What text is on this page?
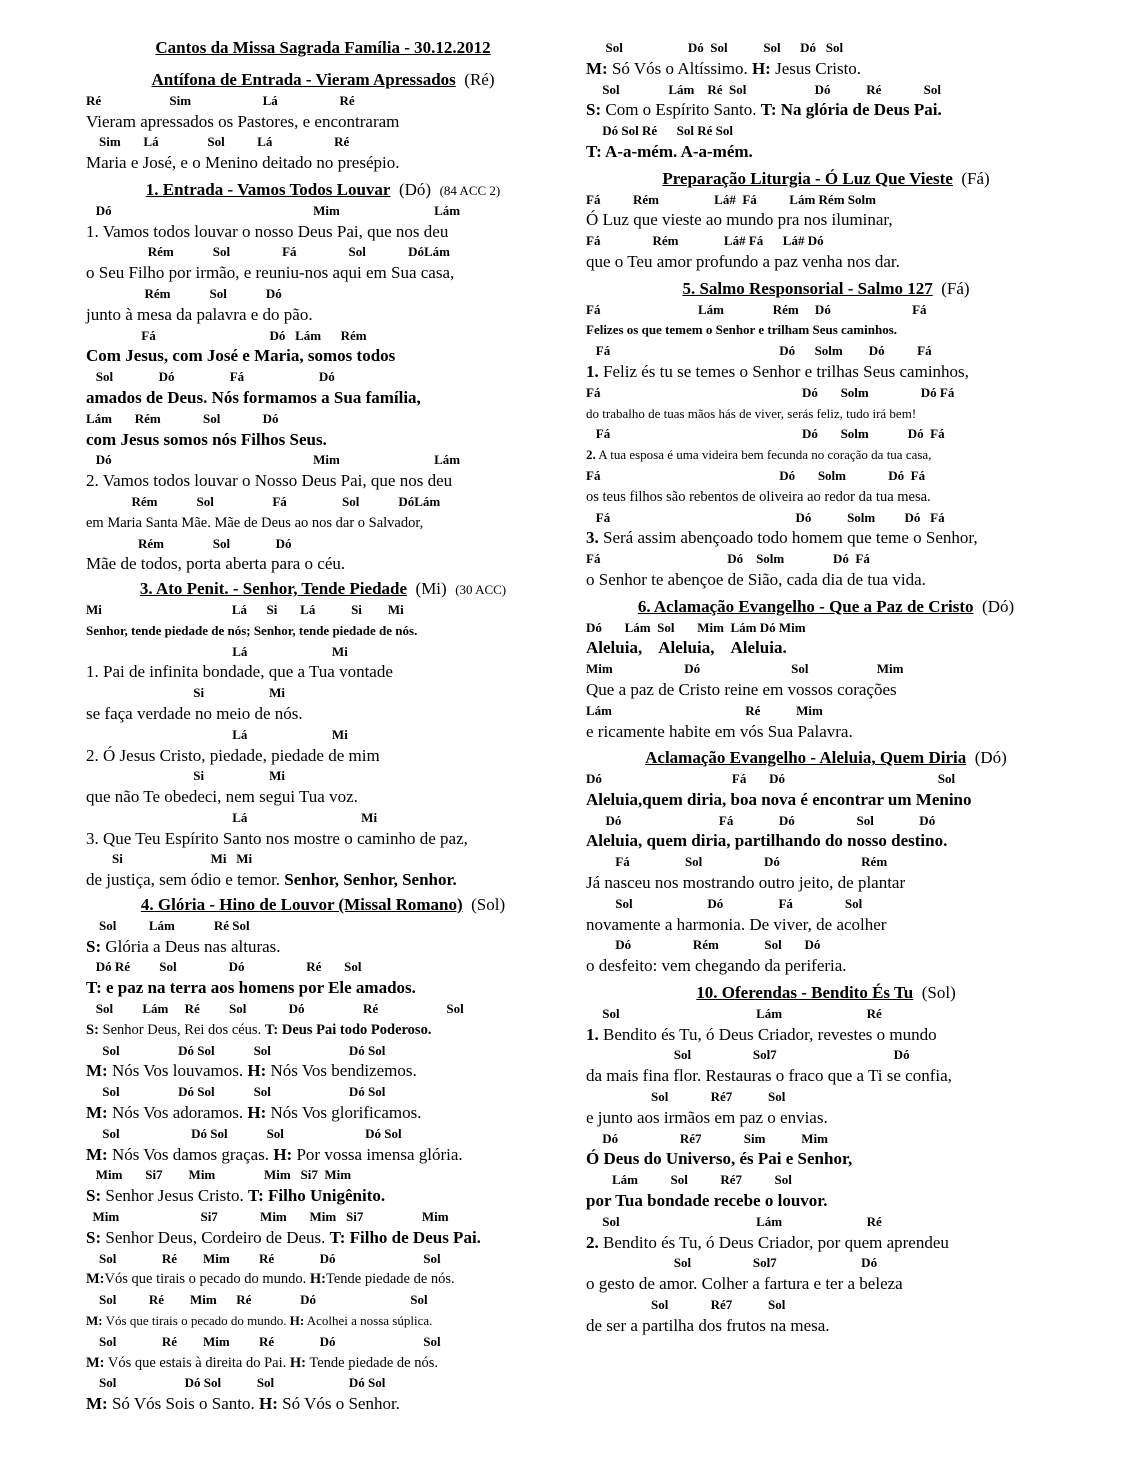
Cantos da Missa Sagrada Família - 30.12.2012
Antífona de Entrada - Vieram Apressados (Ré)
Ré                     Sim                      Lá                   Ré
Vieram apressados os Pastores, e encontraram
Sim       Lá               Sol          Lá                   Ré
Maria e José, e o Menino deitado no presépio.
1. Entrada - Vamos Todos Louvar (Dó) (84 ACC 2)
Dó                                                              Mim                             Lám
1. Vamos todos louvar o nosso Deus Pai, que nos deu
Rém            Sol                Fá                Sol             DóLám
o Seu Filho por irmão, e reuniu-nos aqui em Sua casa,
Rém            Sol            Dó
junto à mesa da palavra e do pão.
Fá                                   Dó   Lám      Rém
Com Jesus, com José e Maria, somos todos
Sol              Dó                 Fá                       Dó
amados de Deus. Nós formamos a Sua família,
Lám       Rém             Sol             Dó
com Jesus somos nós Filhos Seus.
Dó                                                              Mim                             Lám
2. Vamos todos louvar o Nosso Deus Pai, que nos deu
Rém            Sol                  Fá                 Sol            DóLám
em Maria Santa Mãe. Mãe de Deus ao nos dar o Salvador,
Rém               Sol              Dó
Mãe de todos, porta aberta para o céu.
3. Ato Penit. - Senhor, Tende Piedade (Mi) (30 ACC)
Mi                                        Lá      Si       Lá           Si        Mi
Senhor, tende piedade de nós; Senhor, tende piedade de nós.
Lá                          Mi
1. Pai de infinita bondade, que a Tua vontade
Si                    Mi
se faça verdade no meio de nós.
Lá                          Mi
2. Ó Jesus Cristo, piedade, piedade de mim
Si                    Mi
que não Te obedeci, nem segui Tua voz.
Lá                                   Mi
3. Que Teu Espírito Santo nos mostre o caminho de paz,
Si                           Mi   Mi
de justiça, sem ódio e temor. Senhor, Senhor, Senhor.
4. Glória - Hino de Louvor (Missal Romano) (Sol)
Sol          Lám            Ré Sol
S: Glória a Deus nas alturas.
Dó Ré         Sol                Dó                   Ré       Sol
T: e paz na terra aos homens por Ele amados.
Sol         Lám     Ré         Sol             Dó                  Ré                     Sol
S: Senhor Deus, Rei dos céus. T: Deus Pai todo Poderoso.
Sol                  Dó Sol            Sol                        Dó Sol
M: Nós Vos louvamos. H: Nós Vos bendizemos.
Sol                  Dó Sol            Sol                        Dó Sol
M: Nós Vos adoramos. H: Nós Vos glorificamos.
Sol                      Dó Sol            Sol                         Dó Sol
M: Nós Vos damos graças. H: Por vossa imensa glória.
Mim       Si7        Mim               Mim   Si7  Mim
S: Senhor Jesus Cristo. T: Filho Unigênito.
Mim                         Si7             Mim       Mim   Si7                  Mim
S: Senhor Deus, Cordeiro de Deus. T: Filho de Deus Pai.
Sol              Ré        Mim         Ré              Dó                           Sol
M:Vós que tirais o pecado do mundo. H:Tende piedade de nós.
Sol          Ré        Mim      Ré               Dó                             Sol
M: Vós que tirais o pecado do mundo. H: Acolhei a nossa súplica.
Sol              Ré        Mim         Ré              Dó                           Sol
M: Vós que estais à direita do Pai. H: Tende piedade de nós.
Sol                     Dó Sol           Sol                       Dó Sol
M: Só Vós Sois o Santo. H: Só Vós o Senhor.
Sol                    Dó  Sol           Sol      Dó   Sol
M: Só Vós o Altíssimo. H: Jesus Cristo.
Sol               Lám    Ré  Sol                     Dó           Ré             Sol
S: Com o Espírito Santo. T: Na glória de Deus Pai.
Dó Sol Ré      Sol Ré Sol
T: A-a-mém. A-a-mém.
Preparação Liturgia - Ó Luz Que Vieste (Fá)
Fá          Rém                 Lá#  Fá          Lám Rém Solm
Ó Luz que vieste ao mundo pra nos iluminar,
Fá                Rém              Lá# Fá      Lá# Dó
que o Teu amor profundo a paz venha nos dar.
5. Salmo Responsorial - Salmo 127 (Fá)
Fá                              Lám               Rém     Dó                         Fá
Felizes os que temem o Senhor e trilham Seus caminhos.
Fá                                                    Dó      Solm        Dó          Fá
1. Feliz és tu se temes o Senhor e trilhas Seus caminhos,
Fá                                                              Dó       Solm                Dó Fá
do trabalho de tuas mãos hás de viver, serás feliz, tudo irá bem!
Fá                                                           Dó       Solm            Dó  Fá
2. A tua esposa é uma videira bem fecunda no coração da tua casa,
Fá                                                       Dó       Solm             Dó  Fá
os teus filhos são rebentos de oliveira ao redor da tua mesa.
Fá                                                         Dó           Solm         Dó   Fá
3. Será assim abençoado todo homem que teme o Senhor,
Fá                                       Dó    Solm               Dó  Fá
o Senhor te abençoe de Sião, cada dia de tua vida.
6. Aclamação Evangelho - Que a Paz de Cristo (Dó)
Dó       Lám  Sol       Mim  Lám Dó Mim
Aleluia,    Aleluia,    Aleluia.
Mim                      Dó                            Sol                     Mim
Que a paz de Cristo reine em vossos corações
Lám                                         Ré           Mim
e ricamente habite em vós Sua Palavra.
Aclamação Evangelho - Aleluia, Quem Diria (Dó)
Dó                                        Fá       Dó                                               Sol
Aleluia,quem diria, boa nova é encontrar um Menino
Dó                              Fá              Dó                   Sol              Dó
Aleluia, quem diria, partilhando do nosso destino.
Fá                 Sol                   Dó                         Rém
Já nasceu nos mostrando outro jeito, de plantar
Sol                       Dó                 Fá                Sol
novamente a harmonia. De viver, de acolher
Dó                   Rém              Sol       Dó
o desfeito: vem chegando da periferia.
10. Oferendas - Bendito És Tu (Sol)
Sol                                          Lám                          Ré
1. Bendito és Tu, ó Deus Criador, revestes o mundo
Sol                   Sol7                                    Dó
da mais fina flor. Restauras o fraco que a Ti se confia,
Sol             Ré7           Sol
e junto aos irmãos em paz o envias.
Dó                   Ré7             Sim           Mim
Ó Deus do Universo, és Pai e Senhor,
Lám          Sol          Ré7          Sol
por Tua bondade recebe o louvor.
Sol                                          Lám                          Ré
2. Bendito és Tu, ó Deus Criador, por quem aprendeu
Sol                   Sol7                          Dó
o gesto de amor. Colher a fartura e ter a beleza
Sol             Ré7           Sol
de ser a partilha dos frutos na mesa.
